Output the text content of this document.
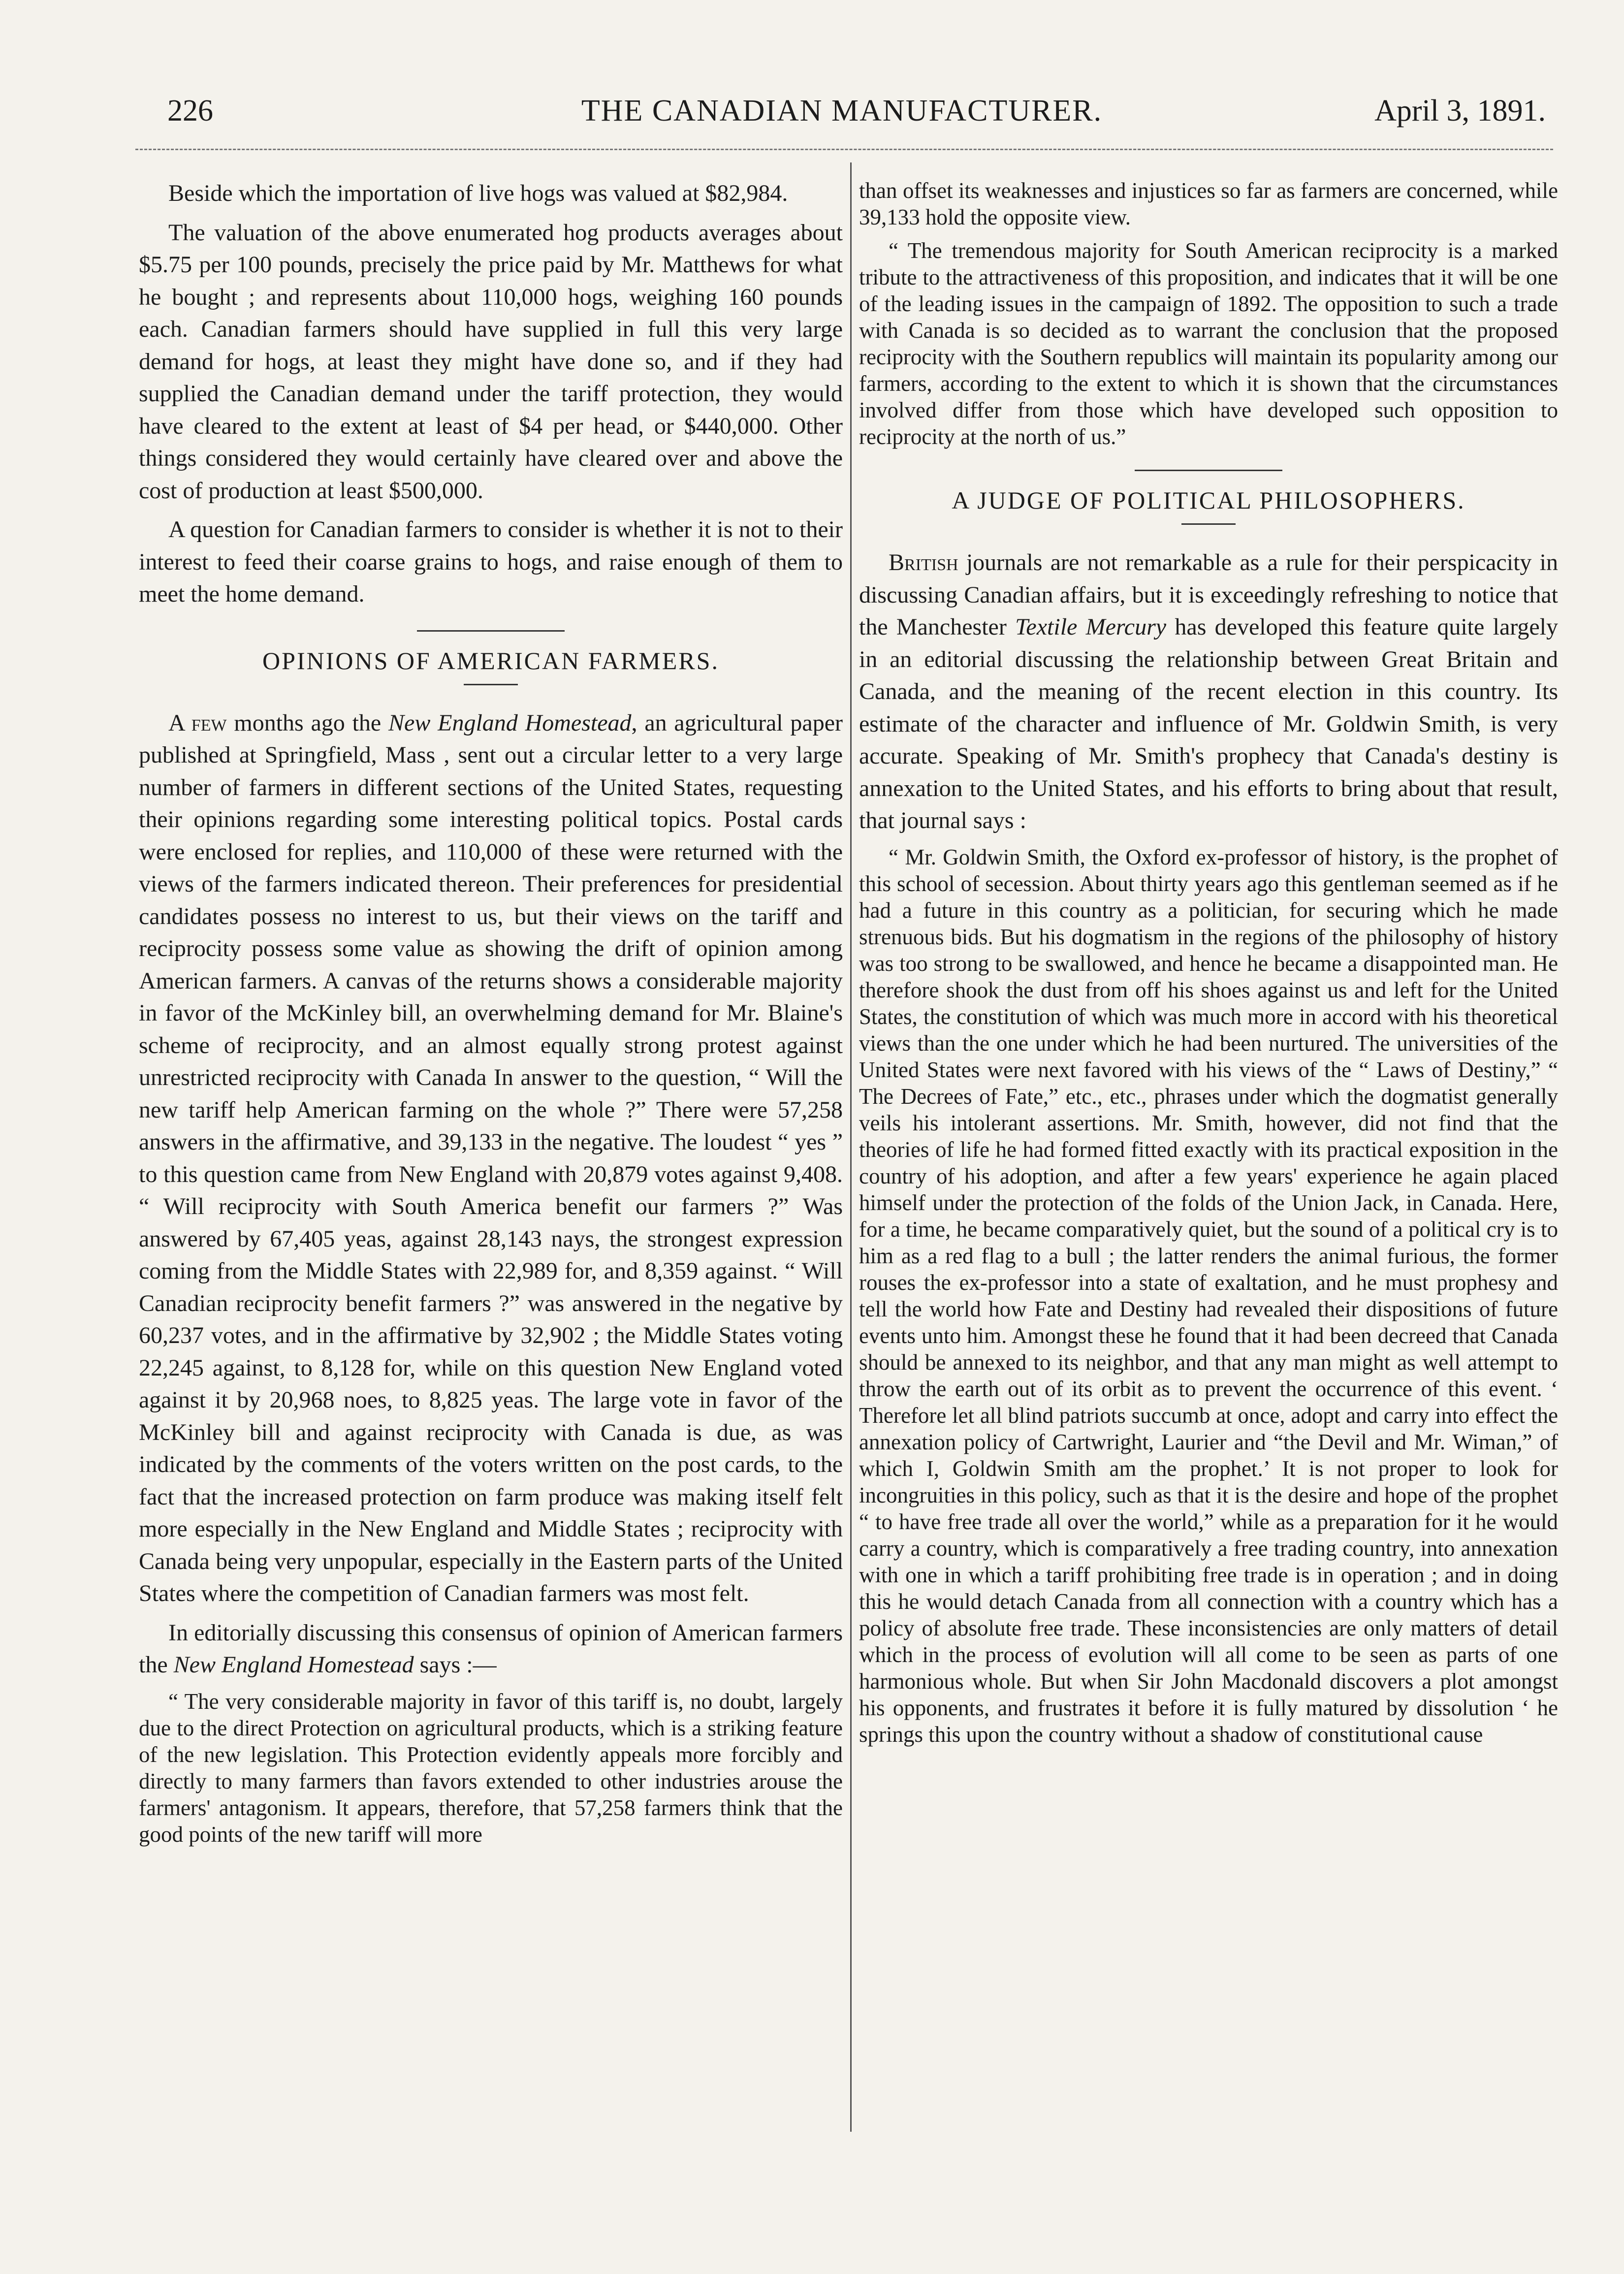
226	THE CANADIAN MANUFACTURER.	April 3, 1891.

Beside which the importation of live hogs was valued at $82,984.

The valuation of the above enumerated hog products averages about $5.75 per 100 pounds, precisely the price paid by Mr. Matthews for what he bought ; and represents about 110,000 hogs, weighing 160 pounds each. Canadian farmers should have supplied in full this very large demand for hogs, at least they might have done so, and if they had supplied the Canadian demand under the tariff protection, they would have cleared to the extent at least of $4 per head, or $440,000. Other things considered they would certainly have cleared over and above the cost of production at least $500,000.

A question for Canadian farmers to consider is whether it is not to their interest to feed their coarse grains to hogs, and raise enough of them to meet the home demand.

OPINIONS OF AMERICAN FARMERS.

A few months ago the New England Homestead, an agricultural paper published at Springfield, Mass , sent out a circular letter to a very large number of farmers in different sections of the United States, requesting their opinions regarding some interesting political topics. Postal cards were enclosed for replies, and 110,000 of these were returned with the views of the farmers indicated thereon. Their preferences for presidential candidates possess no interest to us, but their views on the tariff and reciprocity possess some value as showing the drift of opinion among American farmers. A canvas of the returns shows a considerable majority in favor of the McKinley bill, an overwhelming demand for Mr. Blaine's scheme of reciprocity, and an almost equally strong protest against unrestricted reciprocity with Canada In answer to the question, “ Will the new tariff help American farming on the whole ?” There were 57,258 answers in the affirmative, and 39,133 in the negative. The loudest “ yes ” to this question came from New England with 20,879 votes against 9,408. “ Will reciprocity with South America benefit our farmers ?” Was answered by 67,405 yeas, against 28,143 nays, the strongest expression coming from the Middle States with 22,989 for, and 8,359 against. “ Will Canadian reciprocity benefit farmers ?” was answered in the negative by 60,237 votes, and in the affirmative by 32,902 ; the Middle States voting 22,245 against, to 8,128 for, while on this question New England voted against it by 20,968 noes, to 8,825 yeas. The large vote in favor of the McKinley bill and against reciprocity with Canada is due, as was indicated by the comments of the voters written on the post cards, to the fact that the increased protection on farm produce was making itself felt more especially in the New England and Middle States ; reciprocity with Canada being very unpopular, especially in the Eastern parts of the United States where the competition of Canadian farmers was most felt.

In editorially discussing this consensus of opinion of American farmers the New England Homestead says :—

“ The very considerable majority in favor of this tariff is, no doubt, largely due to the direct Protection on agricultural products, which is a striking feature of the new legislation. This Protection evidently appeals more forcibly and directly to many farmers than favors extended to other industries arouse the farmers' antagonism. It appears, therefore, that 57,258 farmers think that the good points of the new tariff will more

than offset its weaknesses and injustices so far as farmers are concerned, while 39,133 hold the opposite view.

“ The tremendous majority for South American reciprocity is a marked tribute to the attractiveness of this proposition, and indicates that it will be one of the leading issues in the campaign of 1892. The opposition to such a trade with Canada is so decided as to warrant the conclusion that the proposed reciprocity with the Southern republics will maintain its popularity among our farmers, according to the extent to which it is shown that the circumstances involved differ from those which have developed such opposition to reciprocity at the north of us.”

A JUDGE OF POLITICAL PHILOSOPHERS.

British journals are not remarkable as a rule for their perspicacity in discussing Canadian affairs, but it is exceedingly refreshing to notice that the Manchester Textile Mercury has developed this feature quite largely in an editorial discussing the relationship between Great Britain and Canada, and the meaning of the recent election in this country. Its estimate of the character and influence of Mr. Goldwin Smith, is very accurate. Speaking of Mr. Smith's prophecy that Canada's destiny is annexation to the United States, and his efforts to bring about that result, that journal says :

“ Mr. Goldwin Smith, the Oxford ex-professor of history, is the prophet of this school of secession. About thirty years ago this gentleman seemed as if he had a future in this country as a politician, for securing which he made strenuous bids. But his dogmatism in the regions of the philosophy of history was too strong to be swallowed, and hence he became a disappointed man. He therefore shook the dust from off his shoes against us and left for the United States, the constitution of which was much more in accord with his theoretical views than the one under which he had been nurtured. The universities of the United States were next favored with his views of the “ Laws of Destiny,” “ The Decrees of Fate,” etc., etc., phrases under which the dogmatist generally veils his intolerant assertions. Mr. Smith, however, did not find that the theories of life he had formed fitted exactly with its practical exposition in the country of his adoption, and after a few years' experience he again placed himself under the protection of the folds of the Union Jack, in Canada. Here, for a time, he became comparatively quiet, but the sound of a political cry is to him as a red flag to a bull ; the latter renders the animal furious, the former rouses the ex-professor into a state of exaltation, and he must prophesy and tell the world how Fate and Destiny had revealed their dispositions of future events unto him. Amongst these he found that it had been decreed that Canada should be annexed to its neighbor, and that any man might as well attempt to throw the earth out of its orbit as to prevent the occurrence of this event. ‘ Therefore let all blind patriots succumb at once, adopt and carry into effect the annexation policy of Cartwright, Laurier and “the Devil and Mr. Wiman,” of which I, Goldwin Smith am the prophet.’ It is not proper to look for incongruities in this policy, such as that it is the desire and hope of the prophet “ to have free trade all over the world,” while as a preparation for it he would carry a country, which is comparatively a free trading country, into annexation with one in which a tariff prohibiting free trade is in operation ; and in doing this he would detach Canada from all connection with a country which has a policy of absolute free trade. These inconsistencies are only matters of detail which in the process of evolution will all come to be seen as parts of one harmonious whole. But when Sir John Macdonald discovers a plot amongst his opponents, and frustrates it before it is fully matured by dissolution ‘ he springs this upon the country without a shadow of constitutional cause
